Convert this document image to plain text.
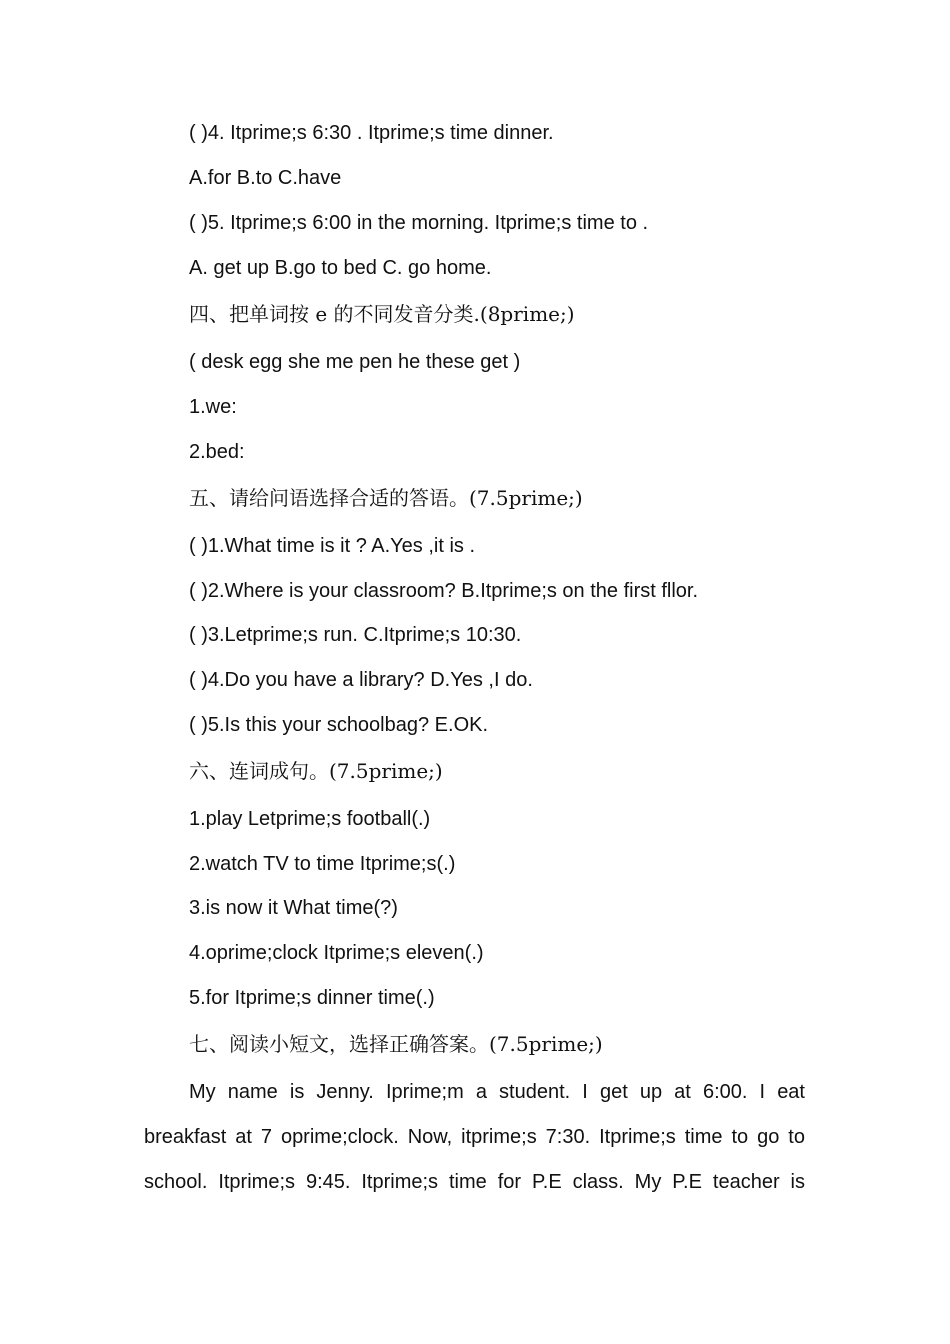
( )4. Itprime;s 6:30 . Itprime;s time dinner.
A.for B.to C.have
( )5. Itprime;s 6:00 in the morning. Itprime;s time to .
A. get up B.go to bed C. go home.
四、把单词按 e 的不同发音分类.(8prime;)
( desk egg she me pen he these get )
1.we:
2.bed:
五、请给问语选择合适的答语。(7.5prime;)
( )1.What time is it ? A.Yes ,it is .
( )2.Where is your classroom? B.Itprime;s on the first fllor.
( )3.Letprime;s run. C.Itprime;s 10:30.
( )4.Do you have a library? D.Yes ,I do.
( )5.Is this your schoolbag? E.OK.
六、连词成句。(7.5prime;)
1.play Letprime;s football(.)
2.watch TV to time Itprime;s(.)
3.is now it What time(?)
4.oprime;clock Itprime;s eleven(.)
5.for Itprime;s dinner time(.)
七、阅读小短文，选择正确答案。(7.5prime;)
My name is Jenny. Iprime;m a student. I get up at 6:00. I eat
breakfast at 7 oprime;clock. Now, itprime;s 7:30. Itprime;s time to go to
school. Itprime;s 9:45. Itprime;s time for P.E class. My P.E teacher is
